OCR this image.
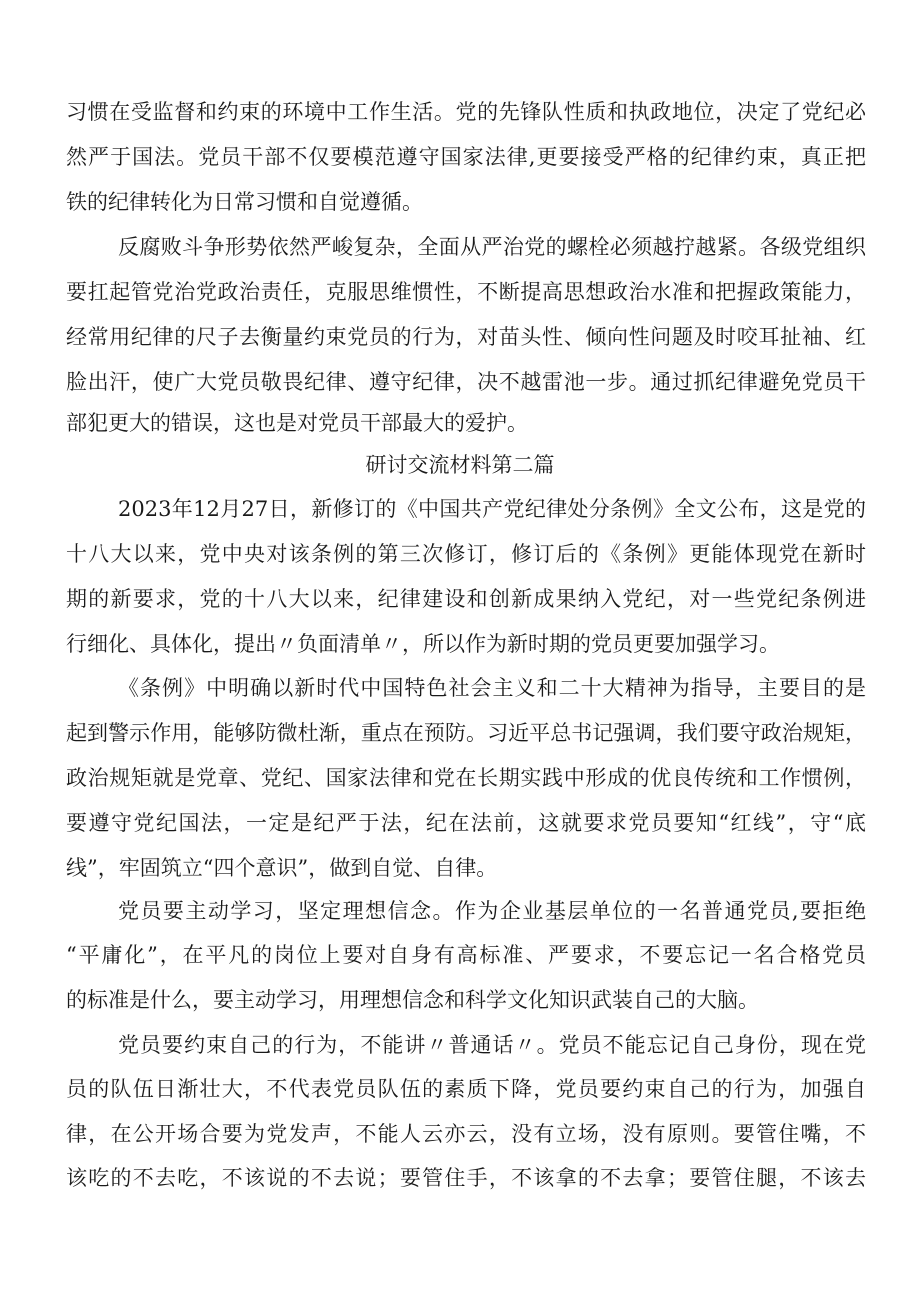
习惯在受监督和约束的环境中工作生活。党的先锋队性质和执政地位，决定了党纪必
然严于国法。党员干部不仅要模范遵守国家法律,更要接受严格的纪律约束，真正把
铁的纪律转化为日常习惯和自觉遵循。
反腐败斗争形势依然严峻复杂，全面从严治党的螺栓必须越拧越紧。各级党组织
要扛起管党治党政治责任，克服思维惯性，不断提高思想政治水准和把握政策能力，
经常用纪律的尺子去衡量约束党员的行为，对苗头性、倾向性问题及时咬耳扯袖、红
脸出汗，使广大党员敬畏纪律、遵守纪律，决不越雷池一步。通过抓纪律避免党员干
部犯更大的错误，这也是对党员干部最大的爱护。
研讨交流材料第二篇
2023年12月27日，新修订的《中国共产党纪律处分条例》全文公布，这是党的
十八大以来，党中央对该条例的第三次修订，修订后的《条例》更能体现党在新时
期的新要求，党的十八大以来，纪律建设和创新成果纳入党纪，对一些党纪条例进
行细化、具体化，提出〃负面清单〃，所以作为新时期的党员更要加强学习。
《条例》中明确以新时代中国特色社会主义和二十大精神为指导，主要目的是
起到警示作用，能够防微杜渐，重点在预防。习近平总书记强调，我们要守政治规矩，
政治规矩就是党章、党纪、国家法律和党在长期实践中形成的优良传统和工作惯例，
要遵守党纪国法，一定是纪严于法，纪在法前，这就要求党员要知“红线”，守“底
线”，牢固筑立“四个意识”，做到自觉、自律。
党员要主动学习，坚定理想信念。作为企业基层单位的一名普通党员,要拒绝
“平庸化”，在平凡的岗位上要对自身有高标准、严要求，不要忘记一名合格党员
的标准是什么，要主动学习，用理想信念和科学文化知识武装自己的大脑。
党员要约束自己的行为，不能讲〃普通话〃。党员不能忘记自己身份，现在党
员的队伍日渐壮大，不代表党员队伍的素质下降，党员要约束自己的行为，加强自
律，在公开场合要为党发声，不能人云亦云，没有立场，没有原则。要管住嘴，不
该吃的不去吃，不该说的不去说；要管住手，不该拿的不去拿；要管住腿，不该去
